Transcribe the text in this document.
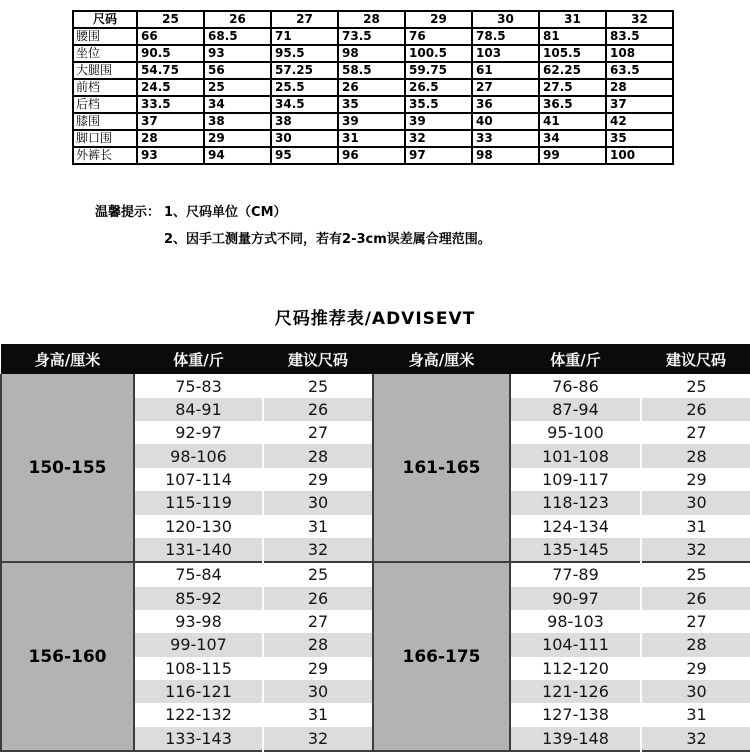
尺码	25	26	27	28	29	30	31	32
腰围	66	68.5	71	73.5	76	78.5	81	83.5
坐位	90.5	93	95.5	98	100.5	103	105.5	108
大腿围	54.75	56	57.25	58.5	59.75	61	62.25	63.5
前档	24.5	25	25.5	26	26.5	27	27.5	28
后档	33.5	34	34.5	35	35.5	36	36.5	37
膝围	37	38	38	39	39	40	41	42
脚口围	28	29	30	31	32	33	34	35
外裤长	93	94	95	96	97	98	99	100
温馨提示： 1、尺码单位（CM）
2、因手工测量方式不同，若有2-3cm误差属合理范围。
尺码推荐表/ADVISEVT
身高/厘米	体重/斤	建议尺码	身高/厘米	体重/斤	建议尺码
150-155	75-83	25	161-165	76-86	25
	84-91	26		87-94	26
	92-97	27		95-100	27
	98-106	28		101-108	28
	107-114	29		109-117	29
	115-119	30		118-123	30
	120-130	31		124-134	31
	131-140	32		135-145	32
156-160	75-84	25	166-175	77-89	25
	85-92	26		90-97	26
	93-98	27		98-103	27
	99-107	28		104-111	28
	108-115	29		112-120	29
	116-121	30		121-126	30
	122-132	31		127-138	31
	133-143	32		139-148	32
